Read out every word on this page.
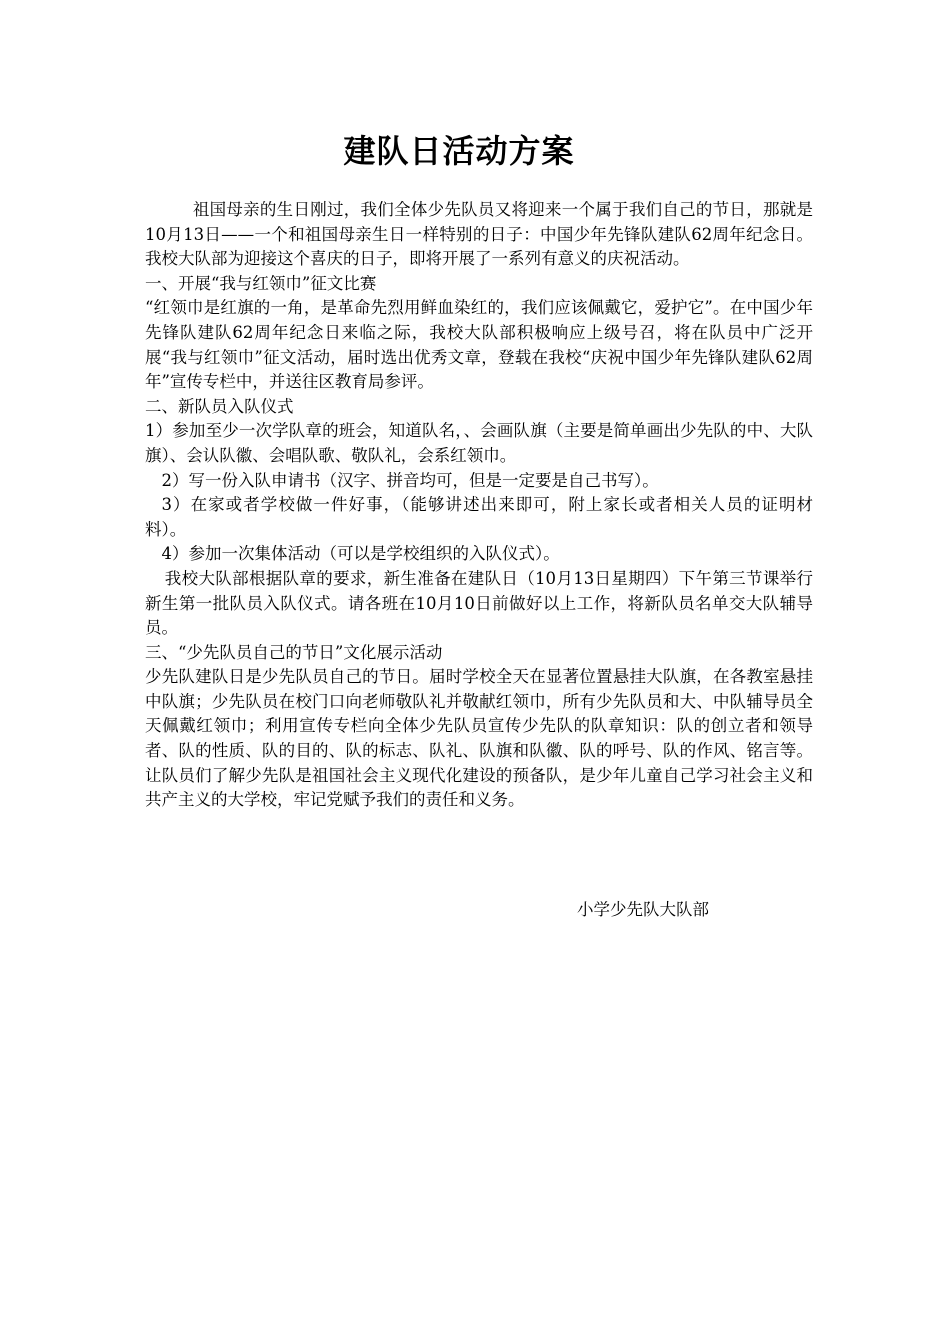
建队日活动方案

祖国母亲的生日刚过，我们全体少先队员又将迎来一个属于我们自己的节日，那就是10月13日——一个和祖国母亲生日一样特别的日子：中国少年先锋队建队62周年纪念日。我校大队部为迎接这个喜庆的日子，即将开展了一系列有意义的庆祝活动。

一、开展“我与红领巾”征文比赛

“红领巾是红旗的一角，是革命先烈用鲜血染红的，我们应该佩戴它，爱护它”。在中国少年先锋队建队62周年纪念日来临之际，我校大队部积极响应上级号召，将在队员中广泛开展“我与红领巾”征文活动，届时选出优秀文章，登载在我校“庆祝中国少年先锋队建队62周年”宣传专栏中，并送往区教育局参评。

二、新队员入队仪式

1）参加至少一次学队章的班会，知道队名，、会画队旗（主要是简单画出少先队的中、大队旗）、会认队徽、会唱队歌、敬队礼，会系红领巾。

2）写一份入队申请书（汉字、拼音均可，但是一定要是自己书写）。

3）在家或者学校做一件好事，（能够讲述出来即可，附上家长或者相关人员的证明材料）。

4）参加一次集体活动（可以是学校组织的入队仪式）。

我校大队部根据队章的要求，新生准备在建队日（10月13日星期四）下午第三节课举行新生第一批队员入队仪式。请各班在10月10日前做好以上工作，将新队员名单交大队辅导员。

三、“少先队员自己的节日”文化展示活动

少先队建队日是少先队员自己的节日。届时学校全天在显著位置悬挂大队旗，在各教室悬挂中队旗；少先队员在校门口向老师敬队礼并敬献红领巾，所有少先队员和大、中队辅导员全天佩戴红领巾；利用宣传专栏向全体少先队员宣传少先队的队章知识：队的创立者和领导者、队的性质、队的目的、队的标志、队礼、队旗和队徽、队的呼号、队的作风、铭言等。让队员们了解少先队是祖国社会主义现代化建设的预备队，是少年儿童自己学习社会主义和共产主义的大学校，牢记党赋予我们的责任和义务。

小学少先队大队部
